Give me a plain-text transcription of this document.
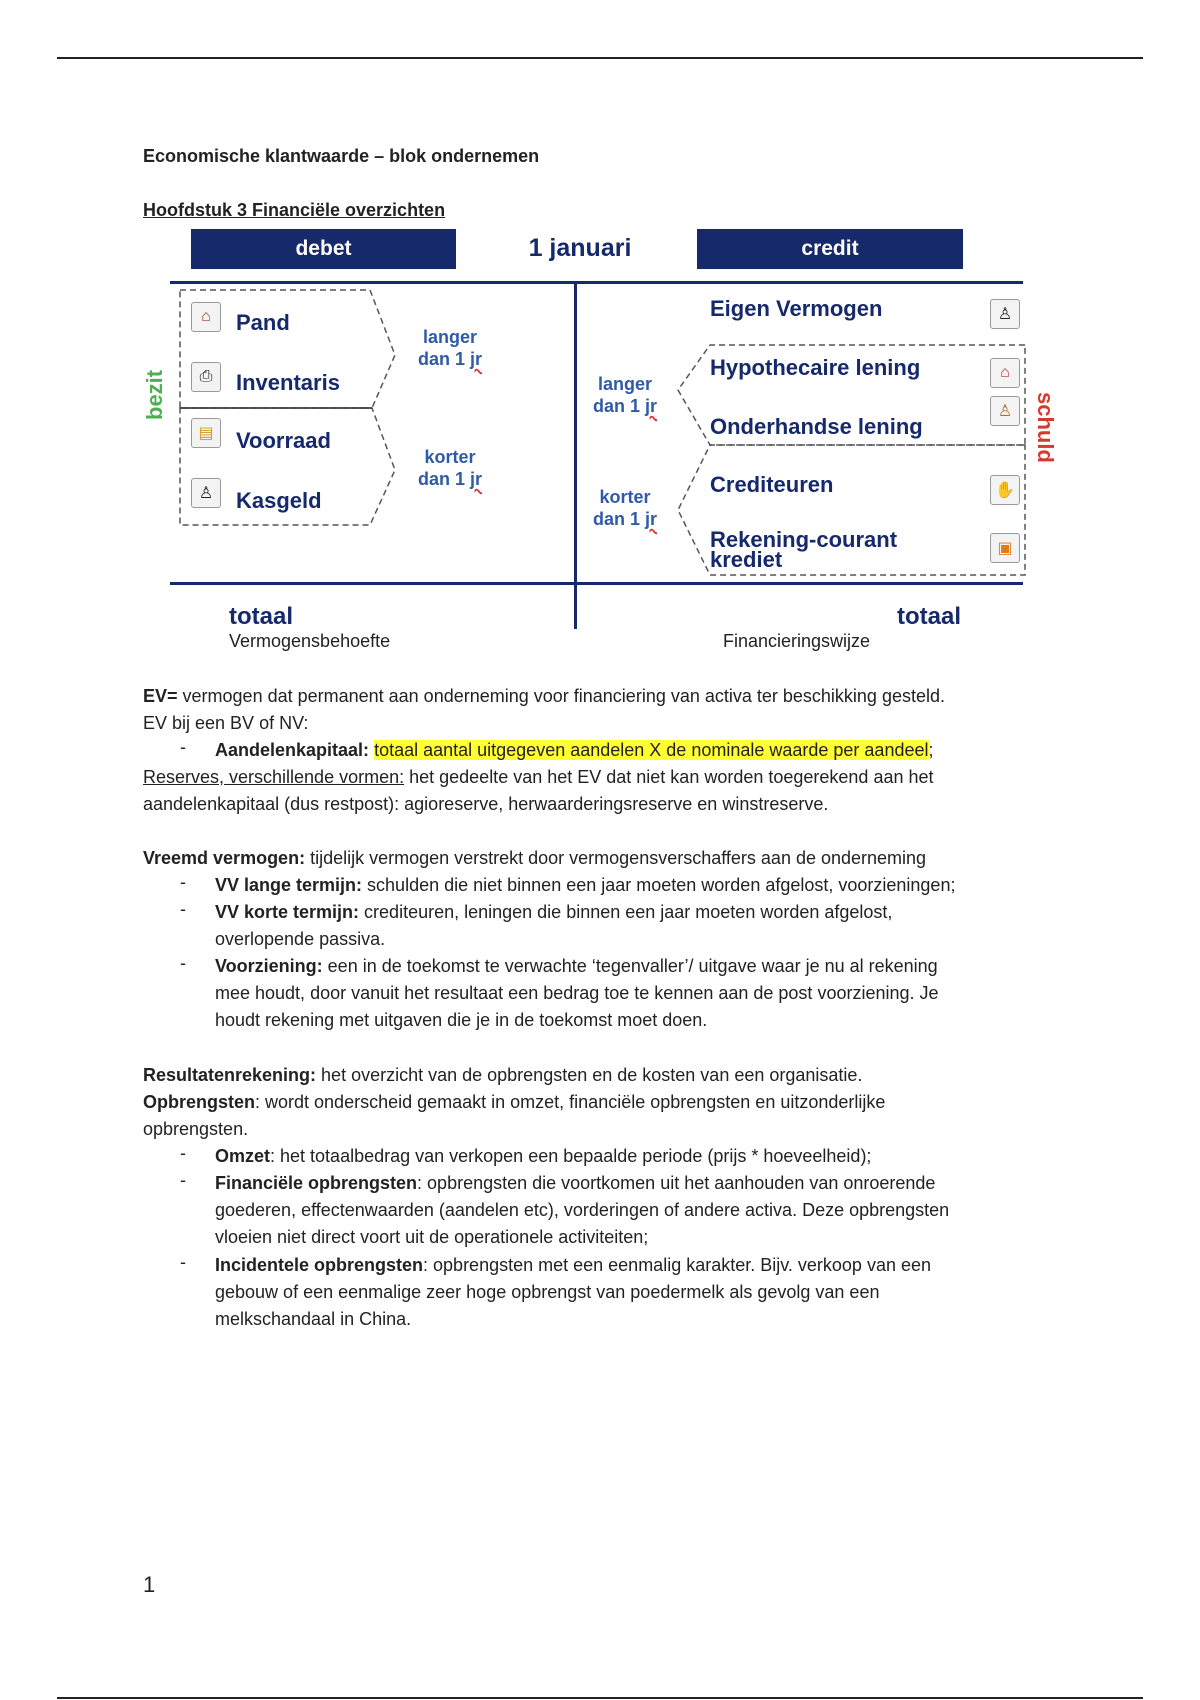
Economische klantwaarde – blok ondernemen
Hoofdstuk 3 Financiële overzichten
debet	1 januari	credit
bezit	schuld
⌂	Pand
⎙	Inventaris
▤	Voorraad
♙	Kasgeld
langer
dan 1 jr
korter
dan 1 jr
langer
dan 1 jr
korter
dan 1 jr
Eigen Vermogen	♙
Hypothecaire lening	⌂
♙
Onderhandse lening
Crediteuren	✋
Rekening-courant krediet	▣
totaal	totaal
Vermogensbehoefte	Financieringswijze
EV= vermogen dat permanent aan onderneming voor financiering van activa ter beschikking gesteld.
EV bij een BV of NV:
- Aandelenkapitaal: totaal aantal uitgegeven aandelen X de nominale waarde per aandeel;
Reserves, verschillende vormen: het gedeelte van het EV dat niet kan worden toegerekend aan het
aandelenkapitaal (dus restpost): agioreserve, herwaarderingsreserve en winstreserve.
Vreemd vermogen: tijdelijk vermogen verstrekt door vermogensverschaffers aan de onderneming
- VV lange termijn: schulden die niet binnen een jaar moeten worden afgelost, voorzieningen;
- VV korte termijn: crediteuren, leningen die binnen een jaar moeten worden afgelost,
overlopende passiva.
- Voorziening: een in de toekomst te verwachte ‘tegenvaller’/ uitgave waar je nu al rekening
mee houdt, door vanuit het resultaat een bedrag toe te kennen aan de post voorziening. Je
houdt rekening met uitgaven die je in de toekomst moet doen.
Resultatenrekening: het overzicht van de opbrengsten en de kosten van een organisatie.
Opbrengsten: wordt onderscheid gemaakt in omzet, financiële opbrengsten en uitzonderlijke
opbrengsten.
- Omzet: het totaalbedrag van verkopen een bepaalde periode (prijs * hoeveelheid);
- Financiële opbrengsten: opbrengsten die voortkomen uit het aanhouden van onroerende
goederen, effectenwaarden (aandelen etc), vorderingen of andere activa. Deze opbrengsten
vloeien niet direct voort uit de operationele activiteiten;
- Incidentele opbrengsten: opbrengsten met een eenmalig karakter. Bijv. verkoop van een
gebouw of een eenmalige zeer hoge opbrengst van poedermelk als gevolg van een
melkschandaal in China.
1
